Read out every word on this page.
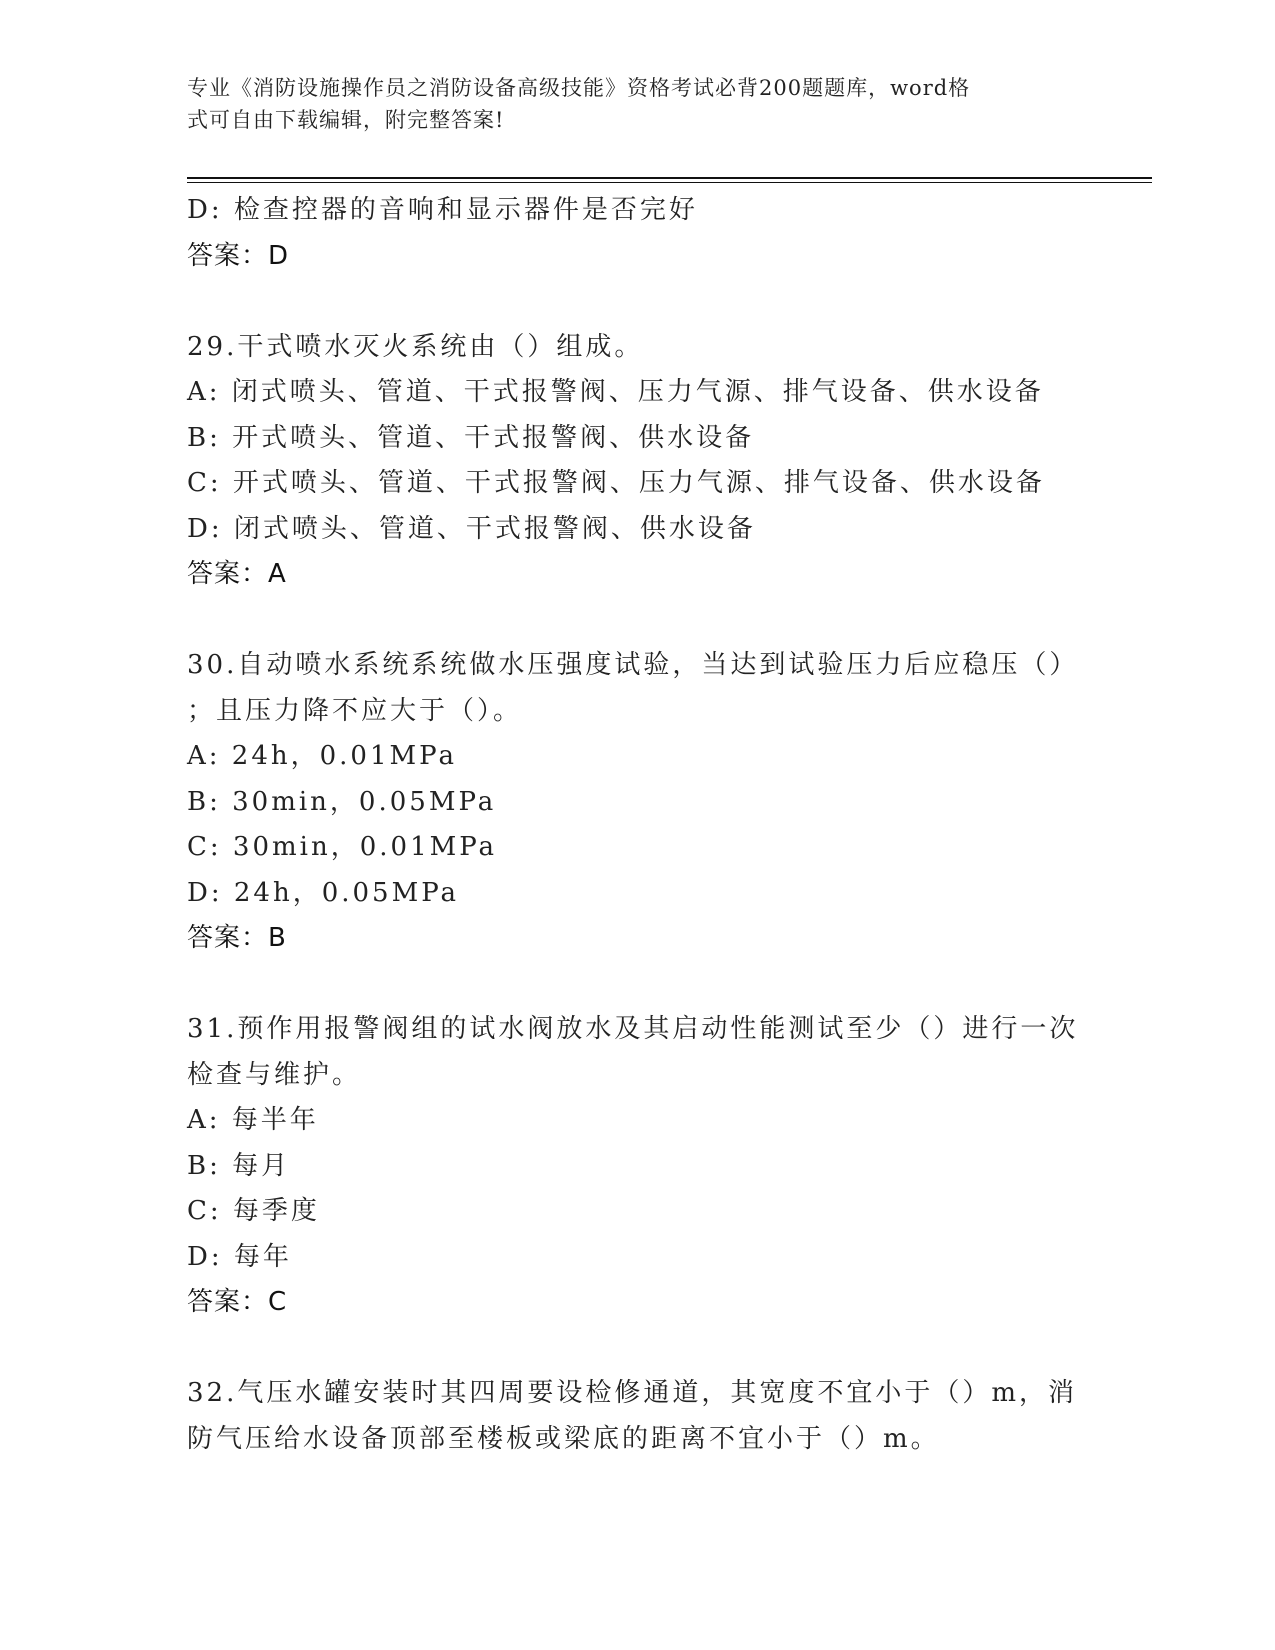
专业《消防设施操作员之消防设备高级技能》资格考试必背200题题库，word格
式可自由下载编辑，附完整答案!
D: 检查控器的音响和显示器件是否完好
答案：D
29.干式喷水灭火系统由（）组成。
A: 闭式喷头、管道、干式报警阀、压力气源、排气设备、供水设备
B: 开式喷头、管道、干式报警阀、供水设备
C: 开式喷头、管道、干式报警阀、压力气源、排气设备、供水设备
D: 闭式喷头、管道、干式报警阀、供水设备
答案：A
30.自动喷水系统系统做水压强度试验，当达到试验压力后应稳压（）
；且压力降不应大于（）。
A: 24h，0.01MPa
B: 30min，0.05MPa
C: 30min，0.01MPa
D: 24h，0.05MPa
答案：B
31.预作用报警阀组的试水阀放水及其启动性能测试至少（）进行一次
检查与维护。
A: 每半年
B: 每月
C: 每季度
D: 每年
答案：C
32.气压水罐安装时其四周要设检修通道，其宽度不宜小于（）m，消
防气压给水设备顶部至楼板或梁底的距离不宜小于（）m。
